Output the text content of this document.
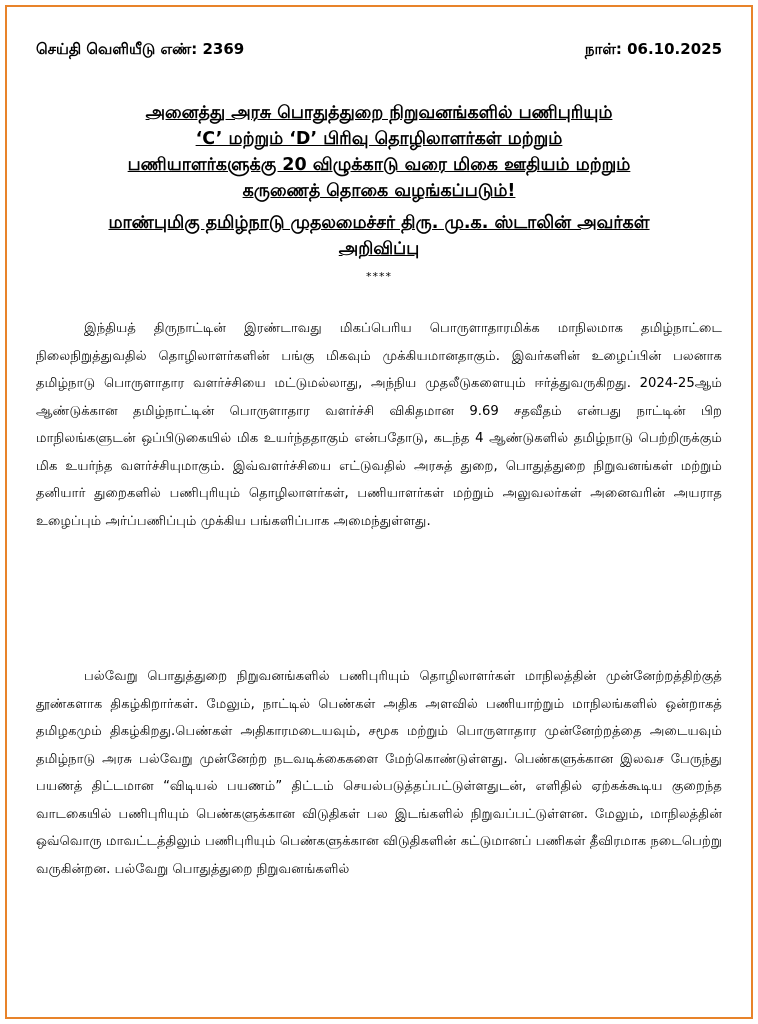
செய்தி வெளியீடு எண்: 2369	நாள்: 06.10.2025
அனைத்து அரசு பொதுத்துறை நிறுவனங்களில் பணிபுரியும்
‘C’ மற்றும் ‘D’ பிரிவு தொழிலாளர்கள் மற்றும்
பணியாளர்களுக்கு 20 விழுக்காடு வரை மிகை ஊதியம் மற்றும்
கருணைத் தொகை வழங்கப்படும்!
மாண்புமிகு தமிழ்நாடு முதலமைச்சர் திரு. மு.க. ஸ்டாலின் அவர்கள்
அறிவிப்பு
****

இந்தியத் திருநாட்டின் இரண்டாவது மிகப்பெரிய பொருளாதாரமிக்க மாநிலமாக தமிழ்நாட்டை நிலைநிறுத்துவதில் தொழிலாளர்களின் பங்கு மிகவும் முக்கியமானதாகும். இவர்களின் உழைப்பின் பலனாக தமிழ்நாடு பொருளாதார வளர்ச்சியை மட்டுமல்லாது, அந்நிய முதலீடுகளையும் ஈர்த்துவருகிறது. 2024-25ஆம் ஆண்டுக்கான தமிழ்நாட்டின் பொருளாதார வளர்ச்சி விகிதமான 9.69 சதவீதம் என்பது நாட்டின் பிற மாநிலங்களுடன் ஒப்பிடுகையில் மிக உயர்ந்ததாகும் என்பதோடு, கடந்த 4 ஆண்டுகளில் தமிழ்நாடு பெற்றிருக்கும் மிக உயர்ந்த வளர்ச்சியுமாகும். இவ்வளர்ச்சியை எட்டுவதில் அரசுத் துறை, பொதுத்துறை நிறுவனங்கள் மற்றும் தனியார் துறைகளில் பணிபுரியும் தொழிலாளர்கள், பணியாளர்கள் மற்றும் அலுவலர்கள் அனைவரின் அயராத உழைப்பும் அர்ப்பணிப்பும் முக்கிய பங்களிப்பாக அமைந்துள்ளது.

பல்வேறு பொதுத்துறை நிறுவனங்களில் பணிபுரியும் தொழிலாளர்கள் மாநிலத்தின் முன்னேற்றத்திற்குத் தூண்களாக திகழ்கிறார்கள். மேலும், நாட்டில் பெண்கள் அதிக அளவில் பணியாற்றும் மாநிலங்களில் ஒன்றாகத் தமிழகமும் திகழ்கிறது.பெண்கள் அதிகாரமடையவும், சமூக மற்றும் பொருளாதார முன்னேற்றத்தை அடையவும் தமிழ்நாடு அரசு பல்வேறு முன்னேற்ற நடவடிக்கைகளை மேற்கொண்டுள்ளது. பெண்களுக்கான இலவச பேருந்து பயணத் திட்டமான “விடியல் பயணம்” திட்டம் செயல்படுத்தப்பட்டுள்ளதுடன், எளிதில் ஏற்கக்கூடிய குறைந்த வாடகையில் பணிபுரியும் பெண்களுக்கான விடுதிகள் பல இடங்களில் நிறுவப்பட்டுள்ளன. மேலும், மாநிலத்தின் ஒவ்வொரு மாவட்டத்திலும் பணிபுரியும் பெண்களுக்கான விடுதிகளின் கட்டுமானப் பணிகள் தீவிரமாக நடைபெற்று வருகின்றன. பல்வேறு பொதுத்துறை நிறுவனங்களில்
